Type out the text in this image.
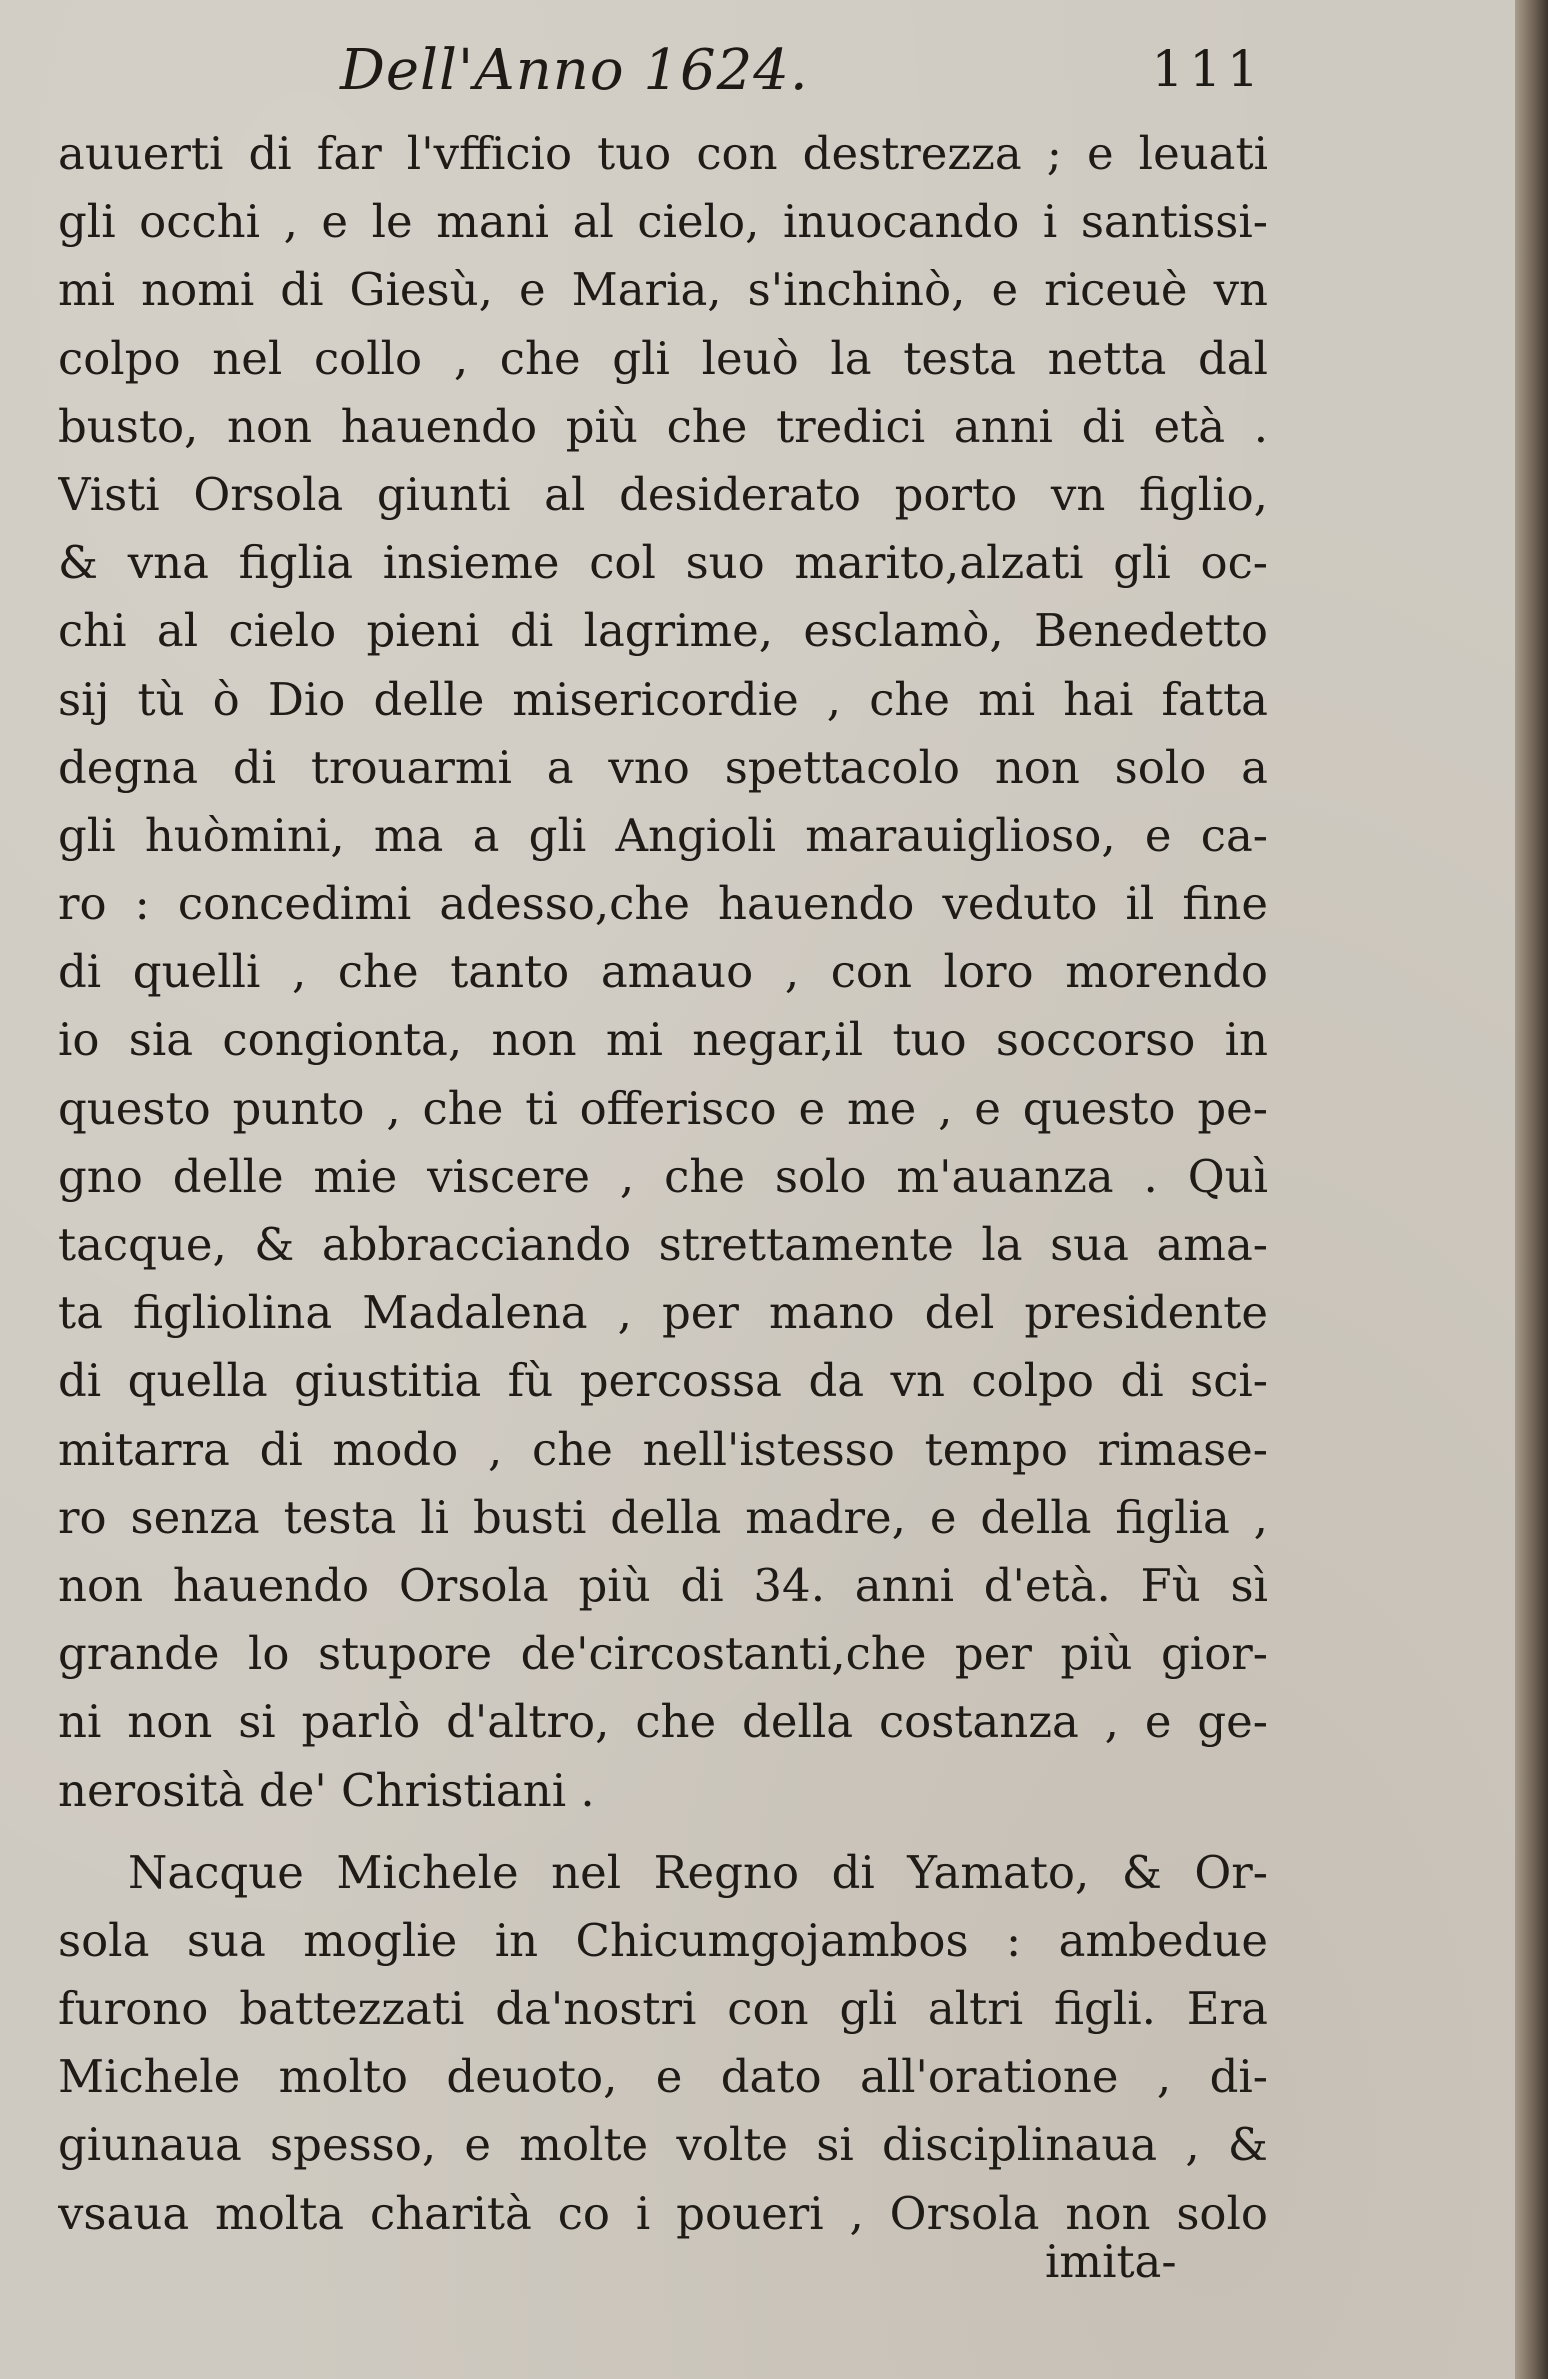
Dell'Anno 1624.	111
auuerti di far l'vfficio tuo con destrezza ; e leuati
gli occhi , e le mani al cielo, inuocando i santissi-
mi nomi di Giesù, e Maria, s'inchinò, e riceuè vn
colpo nel collo , che gli leuò la testa netta dal
busto, non hauendo più che tredici anni di età .
Visti Orsola giunti al desiderato porto vn figlio,
& vna figlia insieme col suo marito,alzati gli oc-
chi al cielo pieni di lagrime, esclamò, Benedetto
sij tù ò Dio delle misericordie , che mi hai fatta
degna di trouarmi a vno spettacolo non solo a
gli huòmini, ma a gli Angioli marauiglioso, e ca-
ro : concedimi adesso,che hauendo veduto il fine
di quelli , che tanto amauo , con loro morendo
io sia congionta, non mi negar,il tuo soccorso in
questo punto , che ti offerisco e me , e questo pe-
gno delle mie viscere , che solo m'auanza . Quì
tacque, & abbracciando strettamente la sua ama-
ta figliolina Madalena , per mano del presidente
di quella giustitia fù percossa da vn colpo di sci-
mitarra di modo , che nell'istesso tempo rimase-
ro senza testa li busti della madre, e della figlia ,
non hauendo Orsola più di 34. anni d'età. Fù sì
grande lo stupore de'circostanti,che per più gior-
ni non si parlò d'altro, che della costanza , e ge-
nerosità de' Christiani .
Nacque Michele nel Regno di Yamato, & Or-
sola sua moglie in Chicumgojambos : ambedue
furono battezzati da'nostri con gli altri figli. Era
Michele molto deuoto, e dato all'oratione , di-
giunaua spesso, e molte volte si disciplinaua , &
vsaua molta charità co i poueri , Orsola non solo
imita-
